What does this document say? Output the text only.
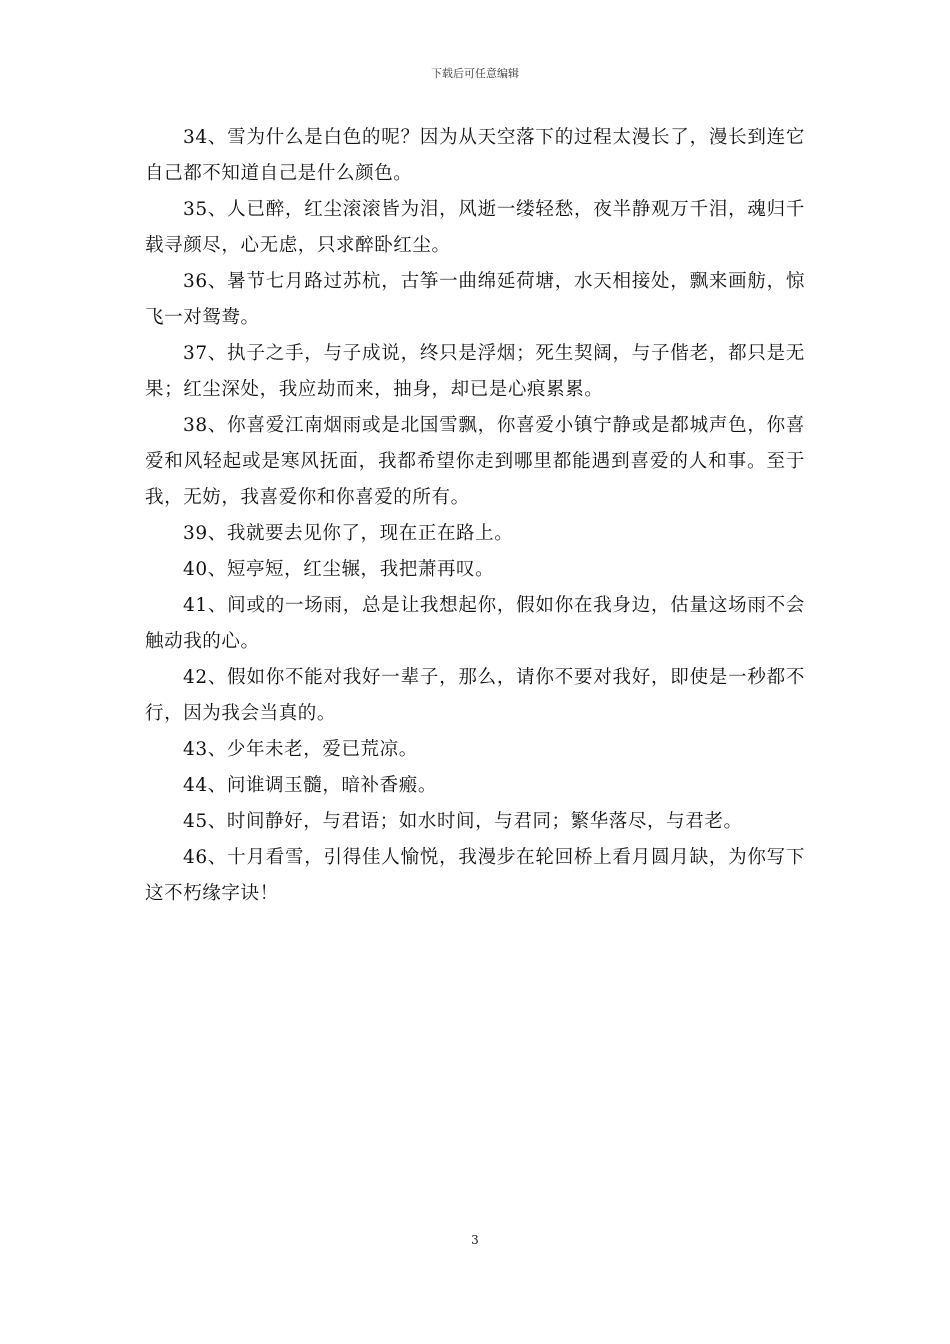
下载后可任意编辑

34、雪为什么是白色的呢？因为从天空落下的过程太漫长了，漫长到连它自己都不知道自己是什么颜色。

35、人已醉，红尘滚滚皆为泪，风逝一缕轻愁，夜半静观万千泪，魂归千载寻颜尽，心无虑，只求醉卧红尘。

36、暑节七月路过苏杭，古筝一曲绵延荷塘，水天相接处，飘来画舫，惊飞一对鸳鸯。

37、执子之手，与子成说，终只是浮烟；死生契阔，与子偕老，都只是无果；红尘深处，我应劫而来，抽身，却已是心痕累累。

38、你喜爱江南烟雨或是北国雪飘，你喜爱小镇宁静或是都城声色，你喜爱和风轻起或是寒风抚面，我都希望你走到哪里都能遇到喜爱的人和事。至于我，无妨，我喜爱你和你喜爱的所有。

39、我就要去见你了，现在正在路上。

40、短亭短，红尘辗，我把萧再叹。

41、间或的一场雨，总是让我想起你，假如你在我身边，估量这场雨不会触动我的心。

42、假如你不能对我好一辈子，那么，请你不要对我好，即使是一秒都不行，因为我会当真的。

43、少年未老，爱已荒凉。

44、问谁调玉髓，暗补香瘢。

45、时间静好，与君语；如水时间，与君同；繁华落尽，与君老。

46、十月看雪，引得佳人愉悦，我漫步在轮回桥上看月圆月缺，为你写下这不朽缘字诀！

3
